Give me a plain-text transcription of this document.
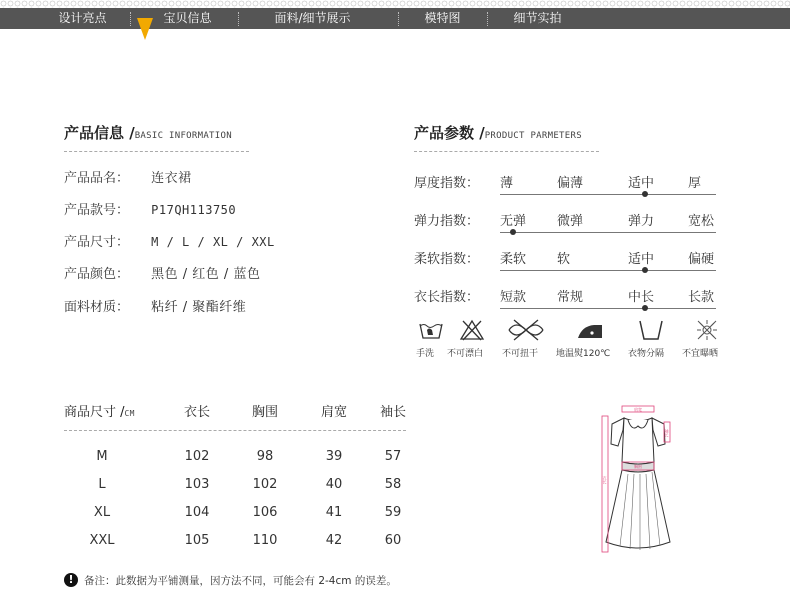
设计亮点	宝贝信息	面料/细节展示	模特图	细节实拍
产品信息 /BASIC INFORMATION
产品品名： 连衣裙
产品款号： P17QH113750
产品尺寸： M / L / XL / XXL
产品颜色： 黑色 / 红色 / 蓝色
面料材质： 粘纤 / 聚酯纤维
产品参数 /PRODUCT PARMETERS
厚度指数： 薄	偏薄	适中	厚
弹力指数： 无弹 微弹	弹力	宽松
柔软指数： 柔软 软	适中	偏硬
衣长指数： 短款 常规	中长	长款
手洗 不可漂白 不可扭干 地温熨120℃ 衣物分隔 不宜曝晒
商品尺寸 /CM	衣长	胸围	肩宽	袖长
M	102	98	39	57
L	103	102	40	58
XL	104	106	41	59
XXL	105	110	42	60
肩宽
袖长
胸围
衣长
! 备注：此数据为平铺测量，因方法不同，可能会有 2-4cm 的误差。
